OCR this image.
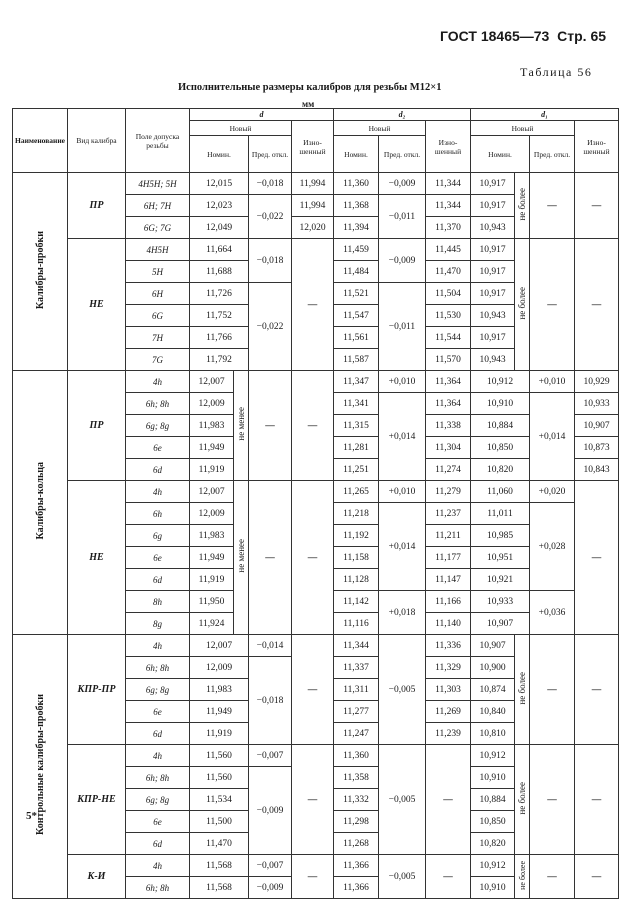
ГОСТ 18465—73 Стр. 65
Таблица 56
Исполнительные размеры калибров для резьбы М12×1
мм
Наименование	Вид калибра	Поле допуска резьбы	d				d₂			d₁			
			Новый			Изно-шенный	Новый		Изно-шенный	Новый			Изно-шенный
			Номин.		Пред. откл.		Номин.	Пред. откл.		Номин.		Пред. откл.	
Калибры-пробки	ПР	4H5H; 5H	12,015		−0,018	11,994	11,360	−0,009	11,344	10,917	не более	—	—
		6H; 7H	12,023		−0,022	11,994	11,368	−0,011	11,344	10,917			
		6G; 7G	12,049			12,020	11,394		11,370	10,943			
	НЕ	4H5H	11,664		−0,018	—	11,459	−0,009	11,445	10,917	не более	—	—
		5H	11,688				11,484		11,470	10,917			
		6H	11,726		−0,022		11,521	−0,011	11,504	10,917			
		6G	11,752				11,547		11,530	10,943			
		7H	11,766				11,561		11,544	10,917			
		7G	11,792				11,587		11,570	10,943			
Калибры-кольца	ПР	4h	12,007	не менее	—	—	11,347	+0,010	11,364	10,912		+0,010	10,929
		6h; 8h	12,009				11,341	+0,014	11,364	10,910		+0,014	10,933
		6g; 8g	11,983				11,315		11,338	10,884			10,907
		6e	11,949				11,281		11,304	10,850			10,873
		6d	11,919				11,251		11,274	10,820			10,843
	НЕ	4h	12,007	не менее	—	—	11,265	+0,010	11,279	11,060		+0,020	—
		6h	12,009				11,218	+0,014	11,237	11,011		+0,028	
		6g	11,983				11,192		11,211	10,985			
		6e	11,949				11,158		11,177	10,951			
		6d	11,919				11,128		11,147	10,921			
		8h	11,950				11,142	+0,018	11,166	10,933		+0,036	
		8g	11,924				11,116		11,140	10,907			
Контрольные калибры-пробки	КПР-ПР	4h	12,007		−0,014	—	11,344	−0,005	11,336	10,907	не более	—	—
		6h; 8h	12,009		−0,018		11,337		11,329	10,900			
		6g; 8g	11,983				11,311		11,303	10,874			
		6e	11,949				11,277		11,269	10,840			
		6d	11,919				11,247		11,239	10,810			
	КПР-НЕ	4h	11,560		−0,007	—	11,360	−0,005	—	10,912	не более	—	—
		6h; 8h	11,560		−0,009		11,358			10,910			
		6g; 8g	11,534				11,332			10,884			
		6e	11,500				11,298			10,850			
		6d	11,470				11,268			10,820			
	К-И	4h	11,568		−0,007	—	11,366	−0,005	—	10,912	не более	—	—
		6h; 8h	11,568		−0,009		11,366			10,910			
5*
